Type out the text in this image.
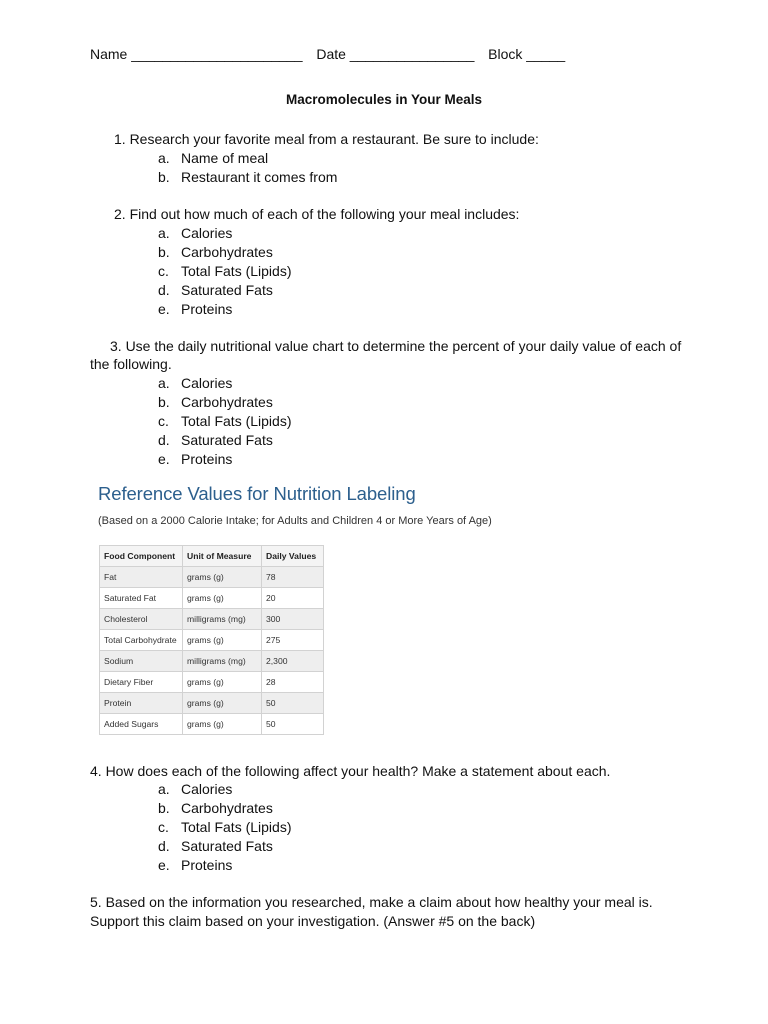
Name ______________________ Date ________________ Block _____
Macromolecules in Your Meals
1. Research your favorite meal from a restaurant. Be sure to include:
a. Name of meal
b. Restaurant it comes from
2. Find out how much of each of the following your meal includes:
a. Calories
b. Carbohydrates
c. Total Fats (Lipids)
d. Saturated Fats
e. Proteins
3. Use the daily nutritional value chart to determine the percent of your daily value of each of
the following.
a. Calories
b. Carbohydrates
c. Total Fats (Lipids)
d. Saturated Fats
e. Proteins
Reference Values for Nutrition Labeling
(Based on a 2000 Calorie Intake; for Adults and Children 4 or More Years of Age)
Food Component	Unit of Measure	Daily Values
Fat	grams (g)	78
Saturated Fat	grams (g)	20
Cholesterol	milligrams (mg)	300
Total Carbohydrate	grams (g)	275
Sodium	milligrams (mg)	2,300
Dietary Fiber	grams (g)	28
Protein	grams (g)	50
Added Sugars	grams (g)	50
4. How does each of the following affect your health? Make a statement about each.
a. Calories
b. Carbohydrates
c. Total Fats (Lipids)
d. Saturated Fats
e. Proteins
5. Based on the information you researched, make a claim about how healthy your meal is.
Support this claim based on your investigation. (Answer #5 on the back)
